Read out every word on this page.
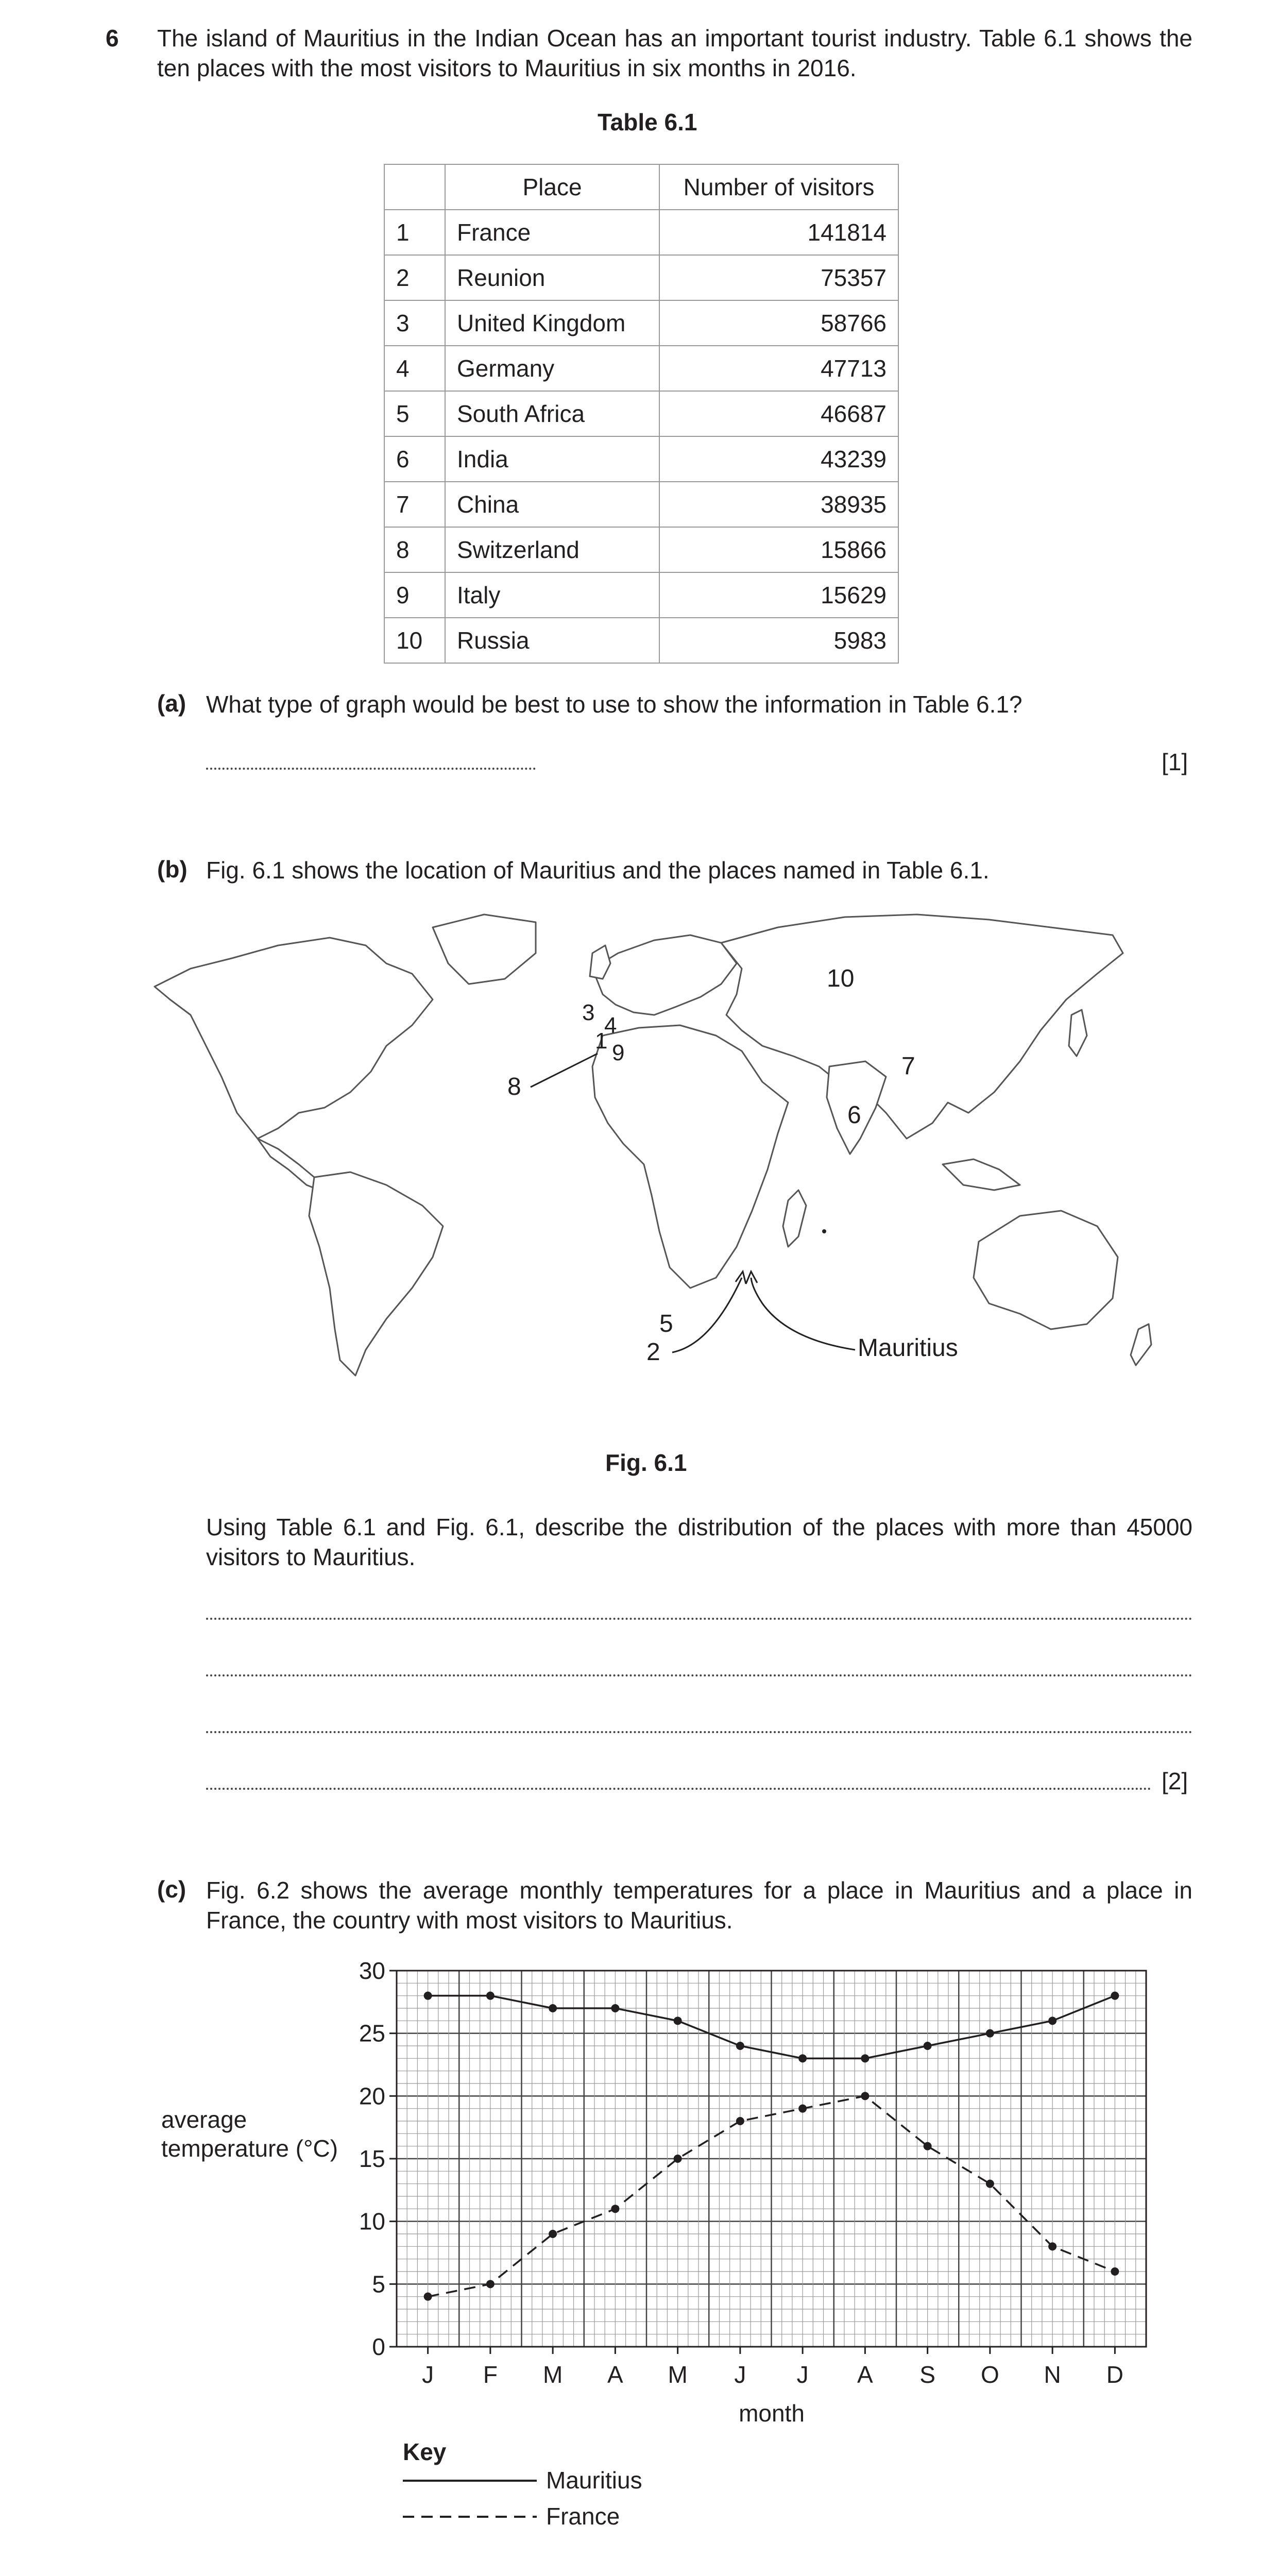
6 The island of Mauritius in the Indian Ocean has an important tourist industry. Table 6.1 shows the ten places with the most visitors to Mauritius in six months in 2016.
Table 6.1
	Place	Number of visitors
1	France	141814
2	Reunion	75357
3	United Kingdom	58766
4	Germany	47713
5	South Africa	46687
6	India	43239
7	China	38935
8	Switzerland	15866
9	Italy	15629
10	Russia	5983
(a) What type of graph would be best to use to show the information in Table 6.1?
[1]
(b) Fig. 6.1 shows the location of Mauritius and the places named in Table 6.1.
10
7
6
3
4
1 9
8
5
2	Mauritius
Fig. 6.1
Using Table 6.1 and Fig. 6.1, describe the distribution of the places with more than 45000 visitors to Mauritius.
[2]
(c) Fig. 6.2 shows the average monthly temperatures for a place in Mauritius and a place in France, the country with most visitors to Mauritius.
0
5
10
15
20
25
30
J F M A M J J A S O N D
average
temperature (°C)
month
Key
Mauritius
France
